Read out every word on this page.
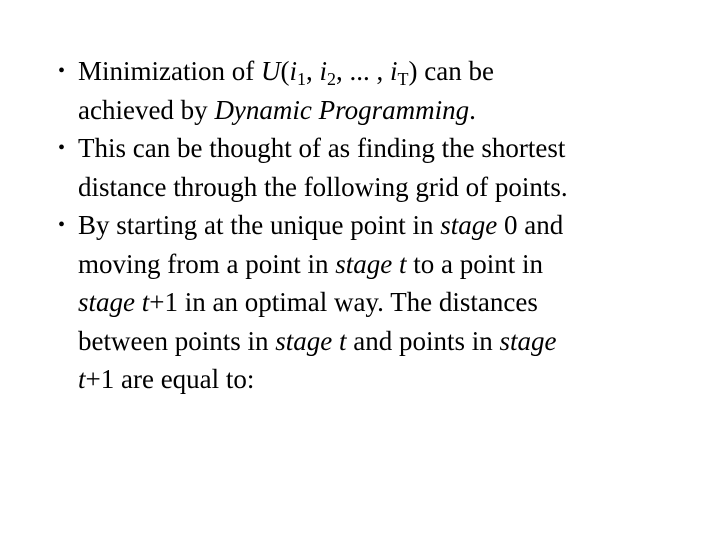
• Minimization of $U(i_1$, $i_2$, ... , $i_T$) can be
achieved by Dynamic Programming.
• This can be thought of as finding the shortest
distance through the following grid of points.
• By starting at the unique point in stage 0 and
moving from a point in stage t to a point in
stage t+1 in an optimal way. The distances
between points in stage t and points in stage
t+1 are equal to:
